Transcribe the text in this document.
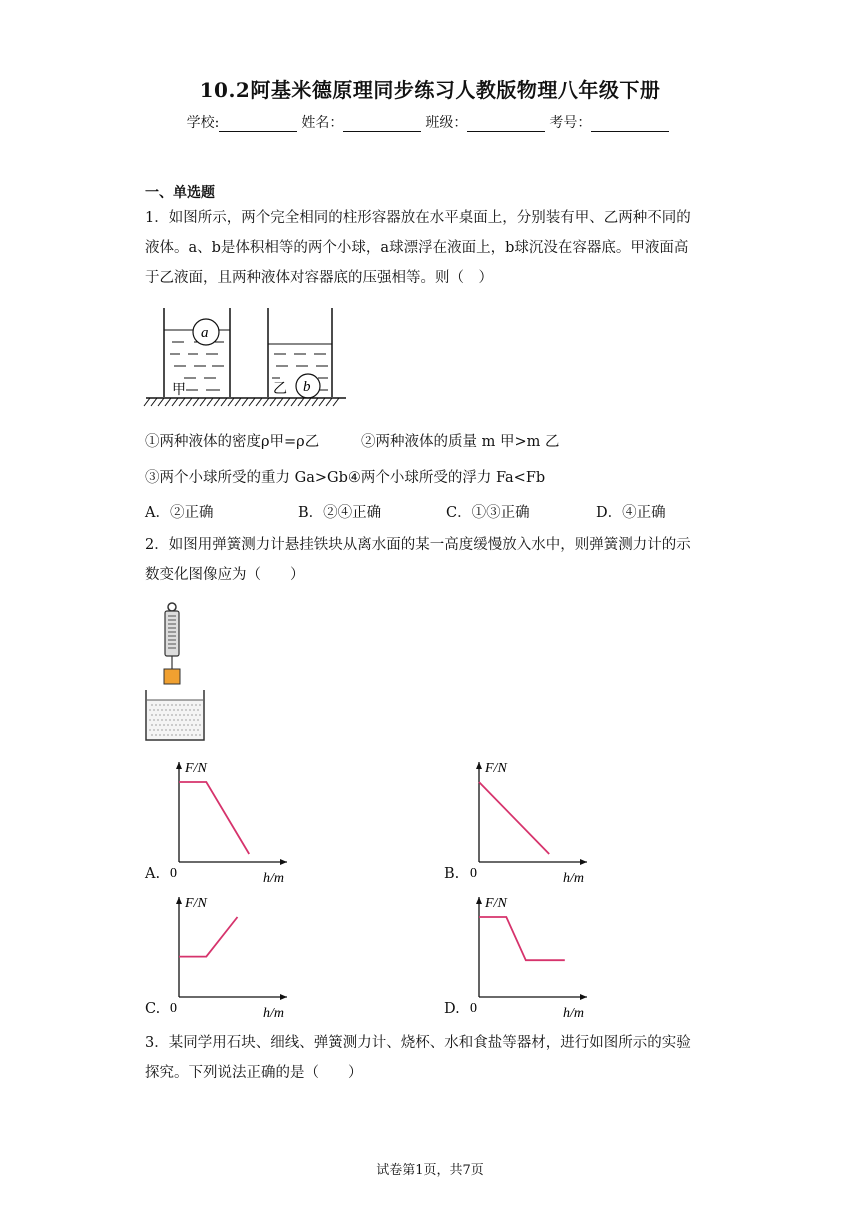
10.2阿基米德原理同步练习人教版物理八年级下册
学校:	姓名：	班级：	考号：
一、单选题
1．如图所示，两个完全相同的柱形容器放在水平桌面上，分别装有甲、乙两种不同的
液体。a、b是体积相等的两个小球，a球漂浮在液面上，b球沉没在容器底。甲液面高
于乙液面，且两种液体对容器底的压强相等。则（　）
a
甲	b
乙
①两种液体的密度ρ甲=ρ乙	②两种液体的质量 m 甲>m 乙
③两个小球所受的重力 Ga>Gb④两个小球所受的浮力 Fa<Fb
A．②正确	B．②④正确	C．①③正确	D．④正确
2．如图用弹簧测力计悬挂铁块从离水面的某一高度缓慢放入水中，则弹簧测力计的示
数变化图像应为（　　）
A.	B.
C.	D.
F/N
h/m
0
F/N
h/m
0
F/N
h/m
0
F/N
h/m
0
3．某同学用石块、细线、弹簧测力计、烧杯、水和食盐等器材，进行如图所示的实验
探究。下列说法正确的是（　　）
试卷第1页，共7页
